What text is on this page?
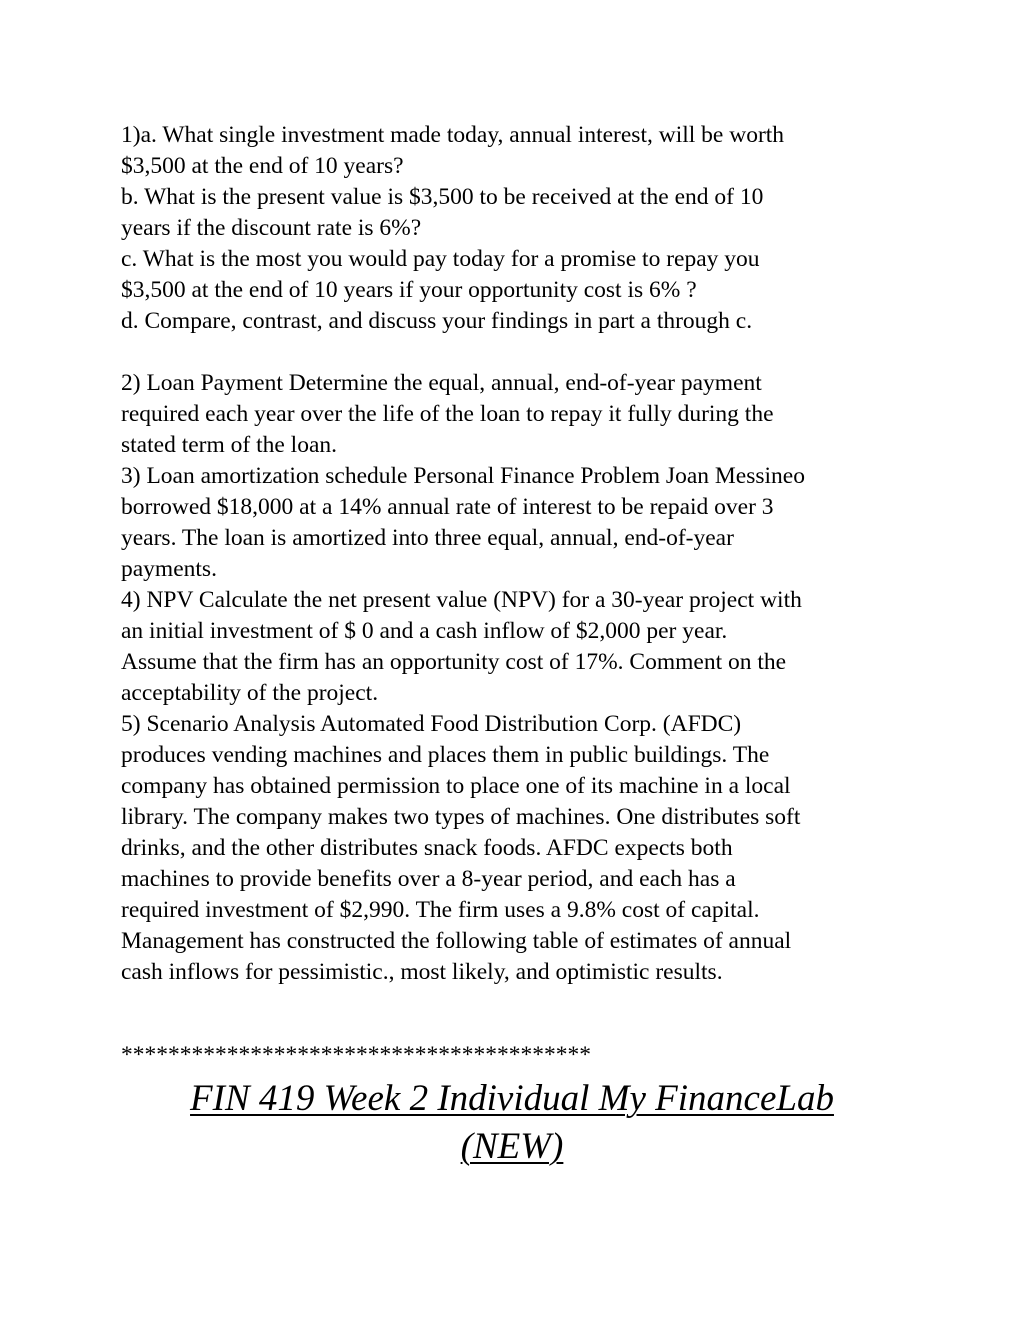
1)a. What single investment made today, annual interest, will be worth
$3,500 at the end of 10 years?
b. What is the present value is $3,500 to be received at the end of 10
years if the discount rate is 6%?
c. What is the most you would pay today for a promise to repay you
$3,500 at the end of 10 years if your opportunity cost is 6% ?
d. Compare, contrast, and discuss your findings in part a through c.
2) Loan Payment Determine the equal, annual, end-of-year payment
required each year over the life of the loan to repay it fully during the
stated term of the loan.
3) Loan amortization schedule Personal Finance Problem Joan Messineo
borrowed $18,000 at a 14% annual rate of interest to be repaid over 3
years. The loan is amortized into three equal, annual, end-of-year
payments.
4) NPV Calculate the net present value (NPV) for a 30-year project with
an initial investment of $ 0 and a cash inflow of $2,000 per year.
Assume that the firm has an opportunity cost of 17%. Comment on the
acceptability of the project.
5) Scenario Analysis Automated Food Distribution Corp. (AFDC)
produces vending machines and places them in public buildings. The
company has obtained permission to place one of its machine in a local
library. The company makes two types of machines. One distributes soft
drinks, and the other distributes snack foods. AFDC expects both
machines to provide benefits over a 8-year period, and each has a
required investment of $2,990. The firm uses a 9.8% cost of capital.
Management has constructed the following table of estimates of annual
cash inflows for pessimistic., most likely, and optimistic results.
****************************************
FIN 419 Week 2 Individual My FinanceLab
(NEW)
